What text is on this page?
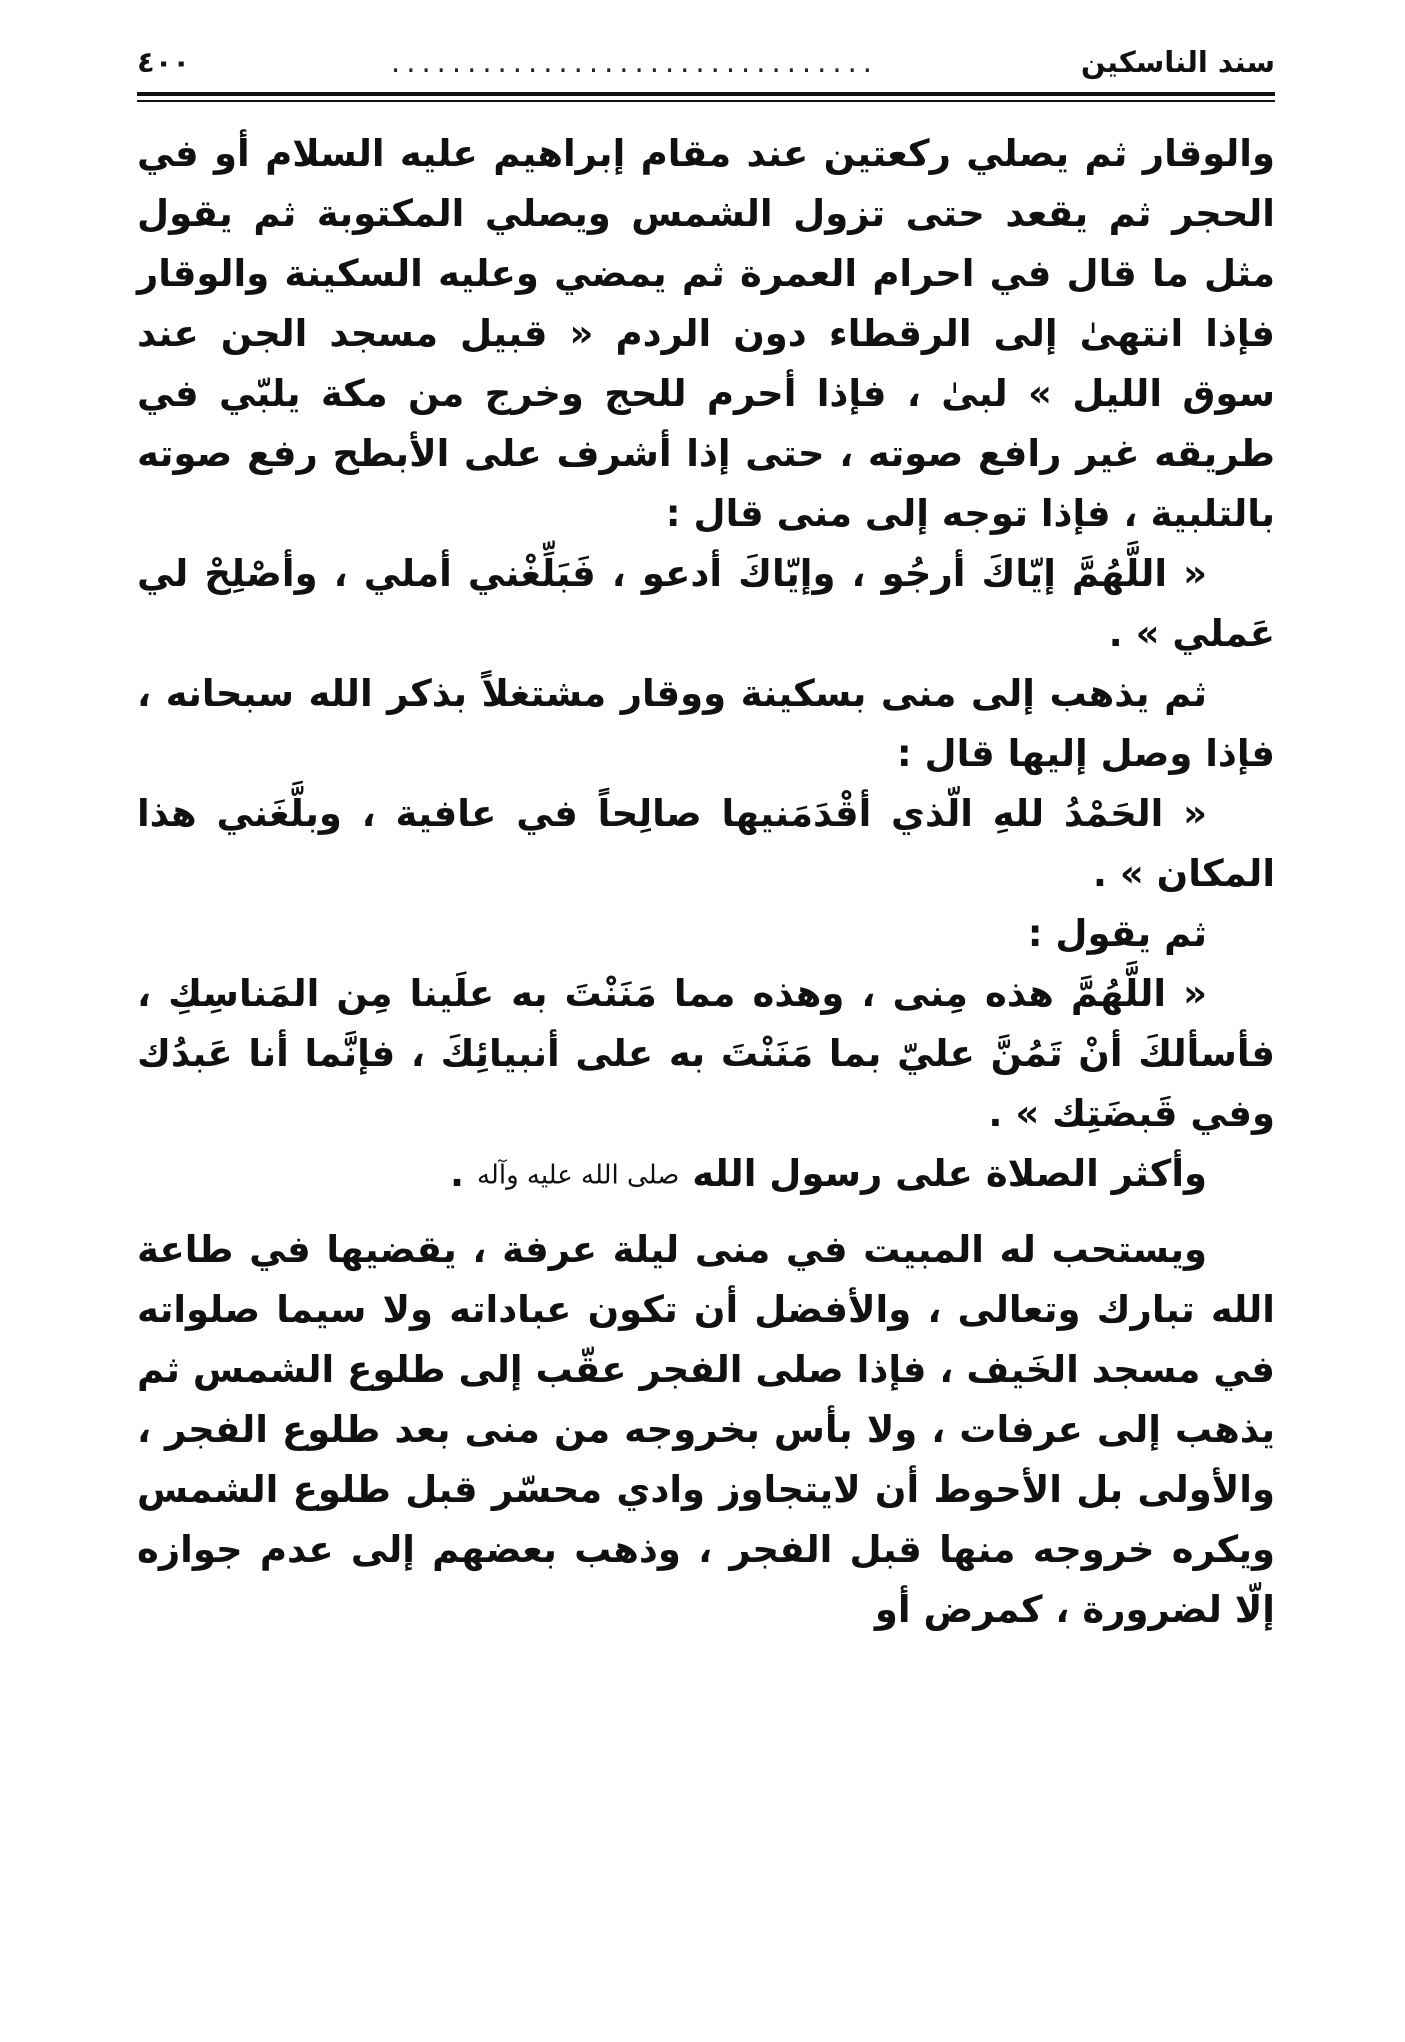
سند الناسكين
................................
٤٠٠

والوقار ثم يصلي ركعتين عند مقام إبراهيم عليه السلام أو في الحجر ثم يقعد حتى تزول الشمس ويصلي المكتوبة ثم يقول مثل ما قال في احرام العمرة ثم يمضي وعليه السكينة والوقار فإذا انتهىٰ إلى الرقطاء دون الردم « قبيل مسجد الجن عند سوق الليل » لبىٰ ، فإذا أحرم للحج وخرج من مكة يلبّي في طريقه غير رافع صوته ، حتى إذا أشرف على الأبطح رفع صوته بالتلبية ، فإذا توجه إلى منى قال :

« اللَّهُمَّ إيّاكَ أرجُو ، وإيّاكَ أدعو ، فَبَلِّغْني أملي ، وأصْلِحْ لي عَملي » .

ثم يذهب إلى منى بسكينة ووقار مشتغلاً بذكر الله سبحانه ، فإذا وصل إليها قال :

« الحَمْدُ للهِ الّذي أقْدَمَنيها صالِحاً في عافية ، وبلَّغَني هذا المكان » .

ثم يقول :

« اللَّهُمَّ هذه مِنى ، وهذه مما مَنَنْتَ به علَينا مِن المَناسِكِ ، فأسألكَ أنْ تَمُنَّ عليّ بما مَنَنْتَ به على أنبيائِكَ ، فإنَّما أنا عَبدُك وفي قَبضَتِك » .

وأكثر الصلاة على رسول الله صلى الله عليه وآله .

ويستحب له المبيت في منى ليلة عرفة ، يقضيها في طاعة الله تبارك وتعالى ، والأفضل أن تكون عباداته ولا سيما صلواته في مسجد الخَيف ، فإذا صلى الفجر عقّب إلى طلوع الشمس ثم يذهب إلى عرفات ، ولا بأس بخروجه من منى بعد طلوع الفجر ، والأولى بل الأحوط أن لايتجاوز وادي محسّر قبل طلوع الشمس ويكره خروجه منها قبل الفجر ، وذهب بعضهم إلى عدم جوازه إلّا لضرورة ، كمرض أو
